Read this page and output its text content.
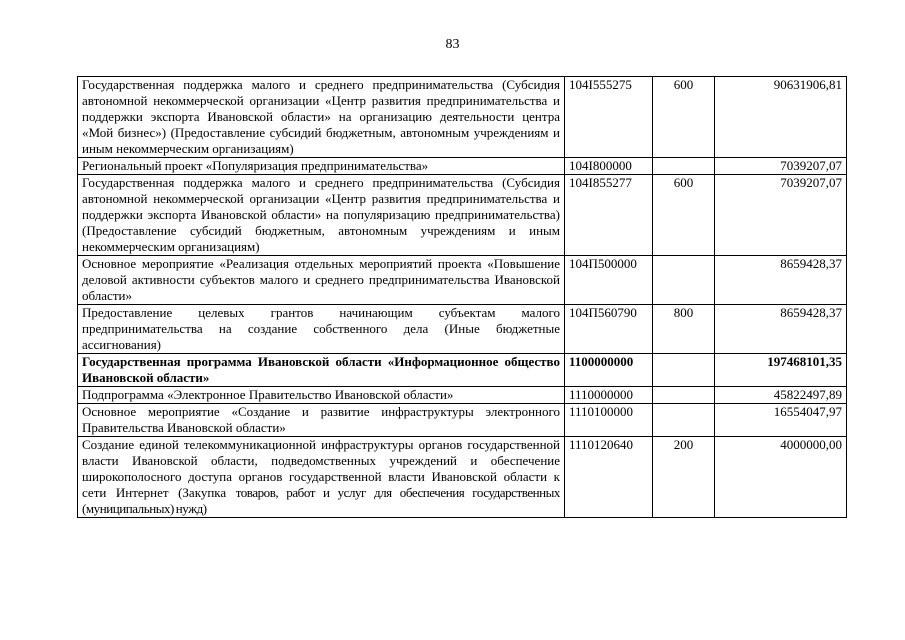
83
Государственная поддержка малого и среднего предпринимательства (Субсидия автономной некоммерческой организации «Центр развития предпринимательства и поддержки экспорта Ивановской области» на организацию деятельности центра «Мой бизнес») (Предоставление субсидий бюджетным, автономным учреждениям и иным некоммерческим организациям)	104I555275	600	90631906,81
Региональный проект «Популяризация предпринимательства»	104I800000		7039207,07
Государственная поддержка малого и среднего предпринимательства (Субсидия автономной некоммерческой организации «Центр развития предпринимательства и поддержки экспорта Ивановской области» на популяризацию предпринимательства) (Предоставление субсидий бюджетным, автономным учреждениям и иным некоммерческим организациям)	104I855277	600	7039207,07
Основное мероприятие «Реализация отдельных мероприятий проекта «Повышение деловой активности субъектов малого и среднего предпринимательства Ивановской области»	104П500000		8659428,37
Предоставление целевых грантов начинающим субъектам малого предпринимательства на создание собственного дела (Иные бюджетные ассигнования)	104П560790	800	8659428,37
Государственная программа Ивановской области «Информационное общество Ивановской области»	1100000000		197468101,35
Подпрограмма «Электронное Правительство Ивановской области»	1110000000		45822497,89
Основное мероприятие «Создание и развитие инфраструктуры электронного Правительства Ивановской области»	1110100000		16554047,97
Создание единой телекоммуникационной инфраструктуры органов государственной власти Ивановской области, подведомственных учреждений и обеспечение широкополосного доступа органов государственной власти Ивановской области к сети Интернет (Закупка товаров, работ и услуг для обеспечения государственных (муниципальных) нужд)	1110120640	200	4000000,00
